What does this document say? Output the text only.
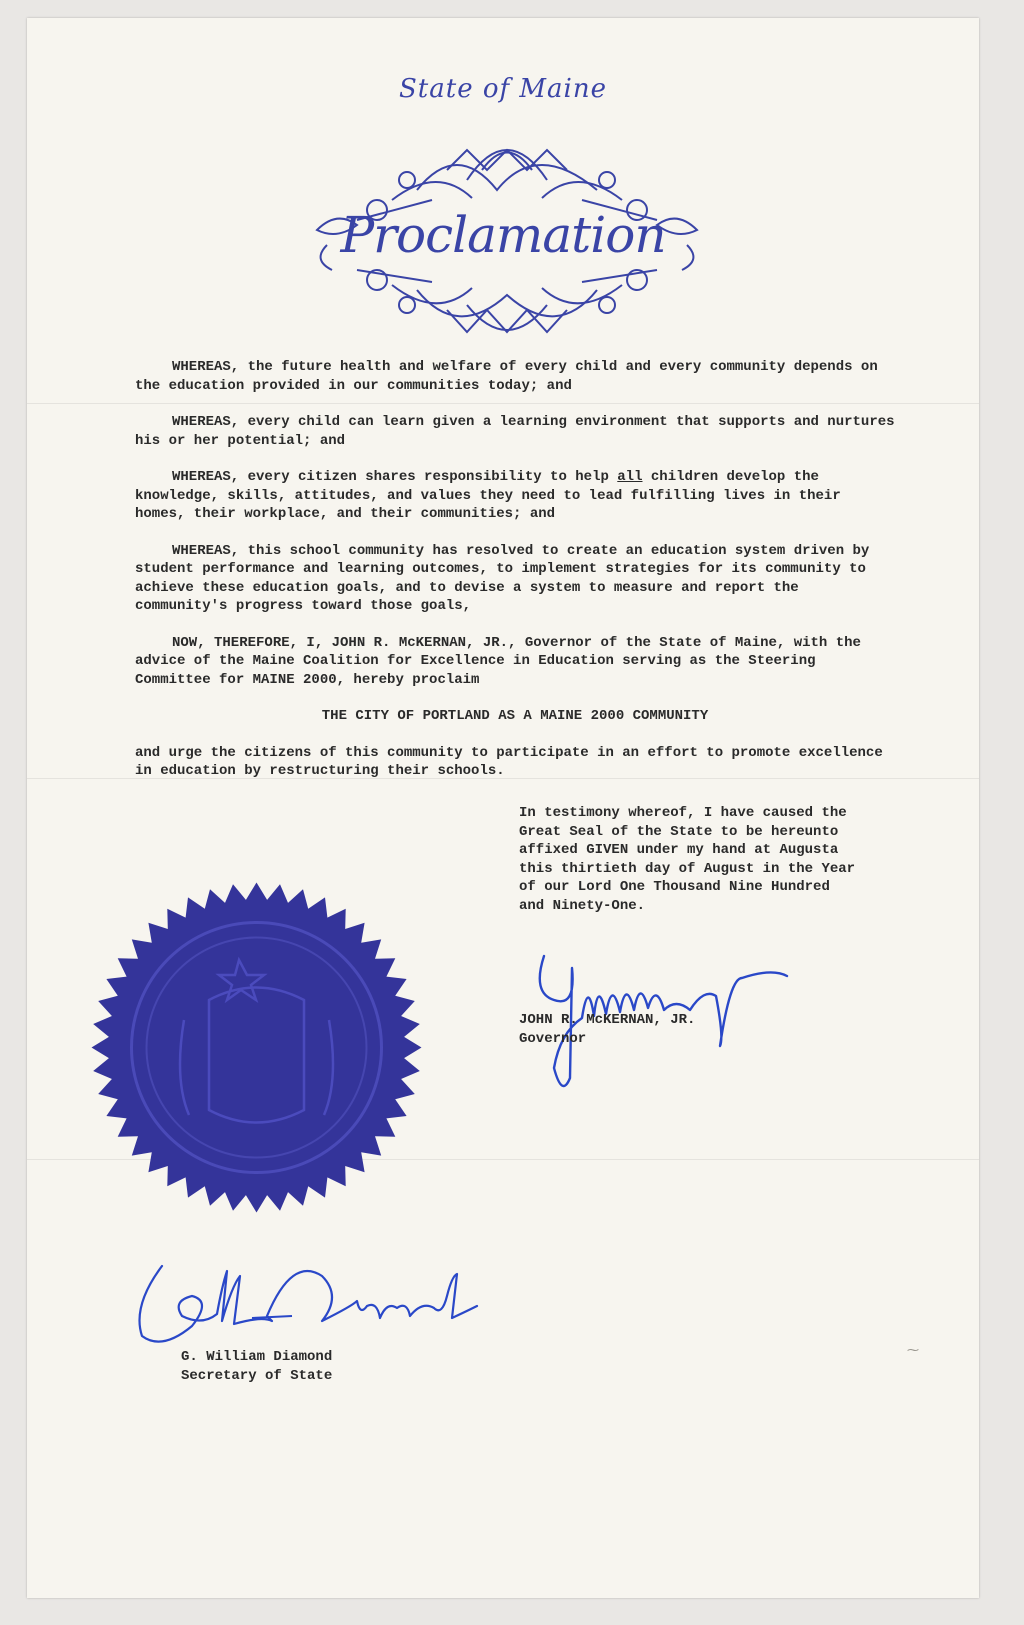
State of Maine
Proclamation

WHEREAS, the future health and welfare of every child and every community depends on the education provided in our communities today; and

WHEREAS, every child can learn given a learning environment that supports and nurtures his or her potential; and

WHEREAS, every citizen shares responsibility to help all children develop the knowledge, skills, attitudes, and values they need to lead fulfilling lives in their homes, their workplace, and their communities; and

WHEREAS, this school community has resolved to create an education system driven by student performance and learning outcomes, to implement strategies for its community to achieve these education goals, and to devise a system to measure and report the community's progress toward those goals,

NOW, THEREFORE, I, JOHN R. McKERNAN, JR., Governor of the State of Maine, with the advice of the Maine Coalition for Excellence in Education serving as the Steering Committee for MAINE 2000, hereby proclaim

THE CITY OF PORTLAND AS A MAINE 2000 COMMUNITY

and urge the citizens of this community to participate in an effort to promote excellence in education by restructuring their schools.

In testimony whereof, I have caused the Great Seal of the State to be hereunto affixed GIVEN under my hand at Augusta this thirtieth day of August in the Year of our Lord One Thousand Nine Hundred and Ninety-One.
JOHN R. McKERNAN, JR.
Governor
G. William Diamond
Secretary of State
⁓
